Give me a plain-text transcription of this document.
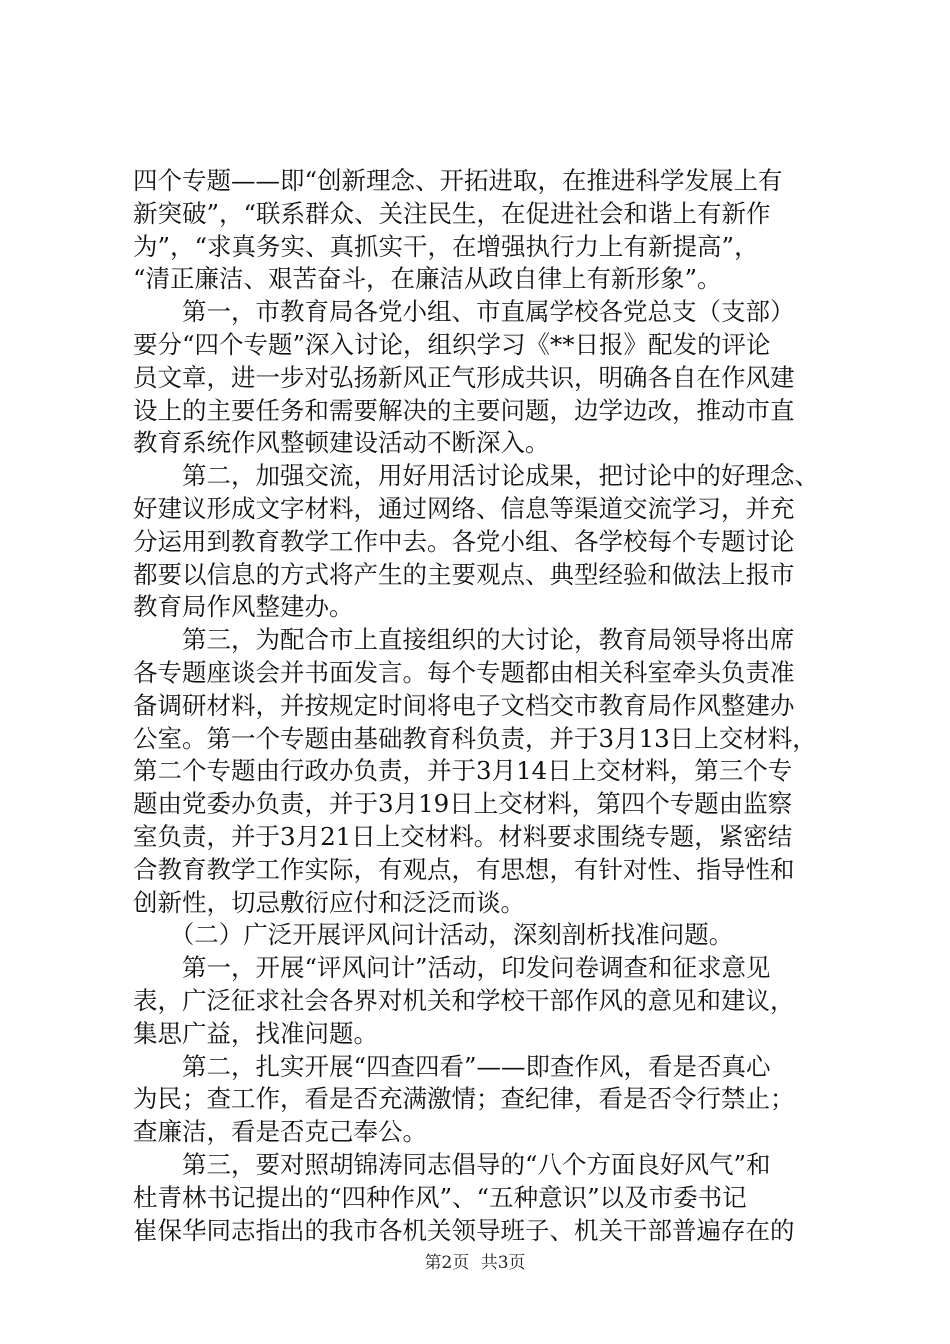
四个专题——即“创新理念、开拓进取，在推进科学发展上有
新突破”，“联系群众、关注民生，在促进社会和谐上有新作
为”，“求真务实、真抓实干，在增强执行力上有新提高”，
“清正廉洁、艰苦奋斗，在廉洁从政自律上有新形象”。

　　第一，市教育局各党小组、市直属学校各党总支（支部）
要分“四个专题”深入讨论，组织学习《**日报》配发的评论
员文章，进一步对弘扬新风正气形成共识，明确各自在作风建
设上的主要任务和需要解决的主要问题，边学边改，推动市直
教育系统作风整顿建设活动不断深入。

　　第二，加强交流，用好用活讨论成果，把讨论中的好理念、
好建议形成文字材料，通过网络、信息等渠道交流学习，并充
分运用到教育教学工作中去。各党小组、各学校每个专题讨论
都要以信息的方式将产生的主要观点、典型经验和做法上报市
教育局作风整建办。

　　第三，为配合市上直接组织的大讨论，教育局领导将出席
各专题座谈会并书面发言。每个专题都由相关科室牵头负责准
备调研材料，并按规定时间将电子文档交市教育局作风整建办
公室。第一个专题由基础教育科负责，并于3月13日上交材料，
第二个专题由行政办负责，并于3月14日上交材料，第三个专
题由党委办负责，并于3月19日上交材料，第四个专题由监察
室负责，并于3月21日上交材料。材料要求围绕专题，紧密结
合教育教学工作实际，有观点，有思想，有针对性、指导性和
创新性，切忌敷衍应付和泛泛而谈。

　　（二）广泛开展评风问计活动，深刻剖析找准问题。

　　第一，开展“评风问计”活动，印发问卷调查和征求意见
表，广泛征求社会各界对机关和学校干部作风的意见和建议，
集思广益，找准问题。

　　第二，扎实开展“四查四看”——即查作风，看是否真心
为民；查工作，看是否充满激情；查纪律，看是否令行禁止；
查廉洁，看是否克己奉公。

　　第三，要对照胡锦涛同志倡导的“八个方面良好风气”和
杜青林书记提出的“四种作风”、“五种意识”以及市委书记
崔保华同志指出的我市各机关领导班子、机关干部普遍存在的

第2页 共3页
